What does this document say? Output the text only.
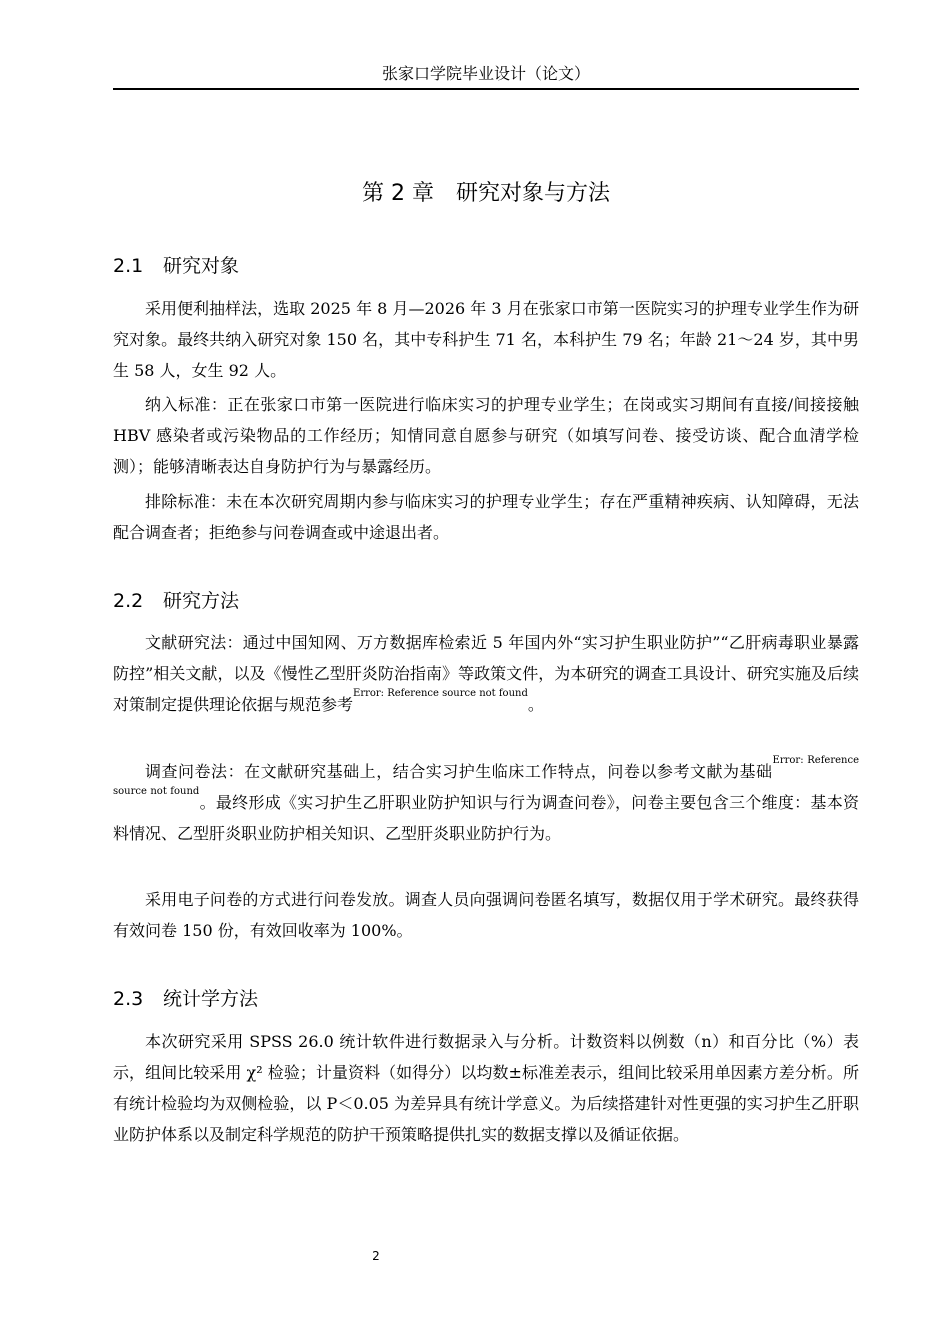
张家口学院毕业设计（论文）
第 2 章　研究对象与方法
2.1 研究对象
采用便利抽样法，选取 2025 年 8 月—2026 年 3 月在张家口市第一医院实习的护理专业学生作为研究对象。最终共纳入研究对象 150 名，其中专科护生 71 名，本科护生 79 名；年龄 21～24 岁，其中男生 58 人，女生 92 人。
纳入标准：正在张家口市第一医院进行临床实习的护理专业学生；在岗或实习期间有直接/间接接触 HBV 感染者或污染物品的工作经历；知情同意自愿参与研究（如填写问卷、接受访谈、配合血清学检测）；能够清晰表达自身防护行为与暴露经历。
排除标准：未在本次研究周期内参与临床实习的护理专业学生；存在严重精神疾病、认知障碍，无法配合调查者；拒绝参与问卷调查或中途退出者。
2.2 研究方法
文献研究法：通过中国知网、万方数据库检索近 5 年国内外“实习护生职业防护”“乙肝病毒职业暴露防控”相关文献，以及《慢性乙型肝炎防治指南》等政策文件，为本研究的调查工具设计、研究实施及后续对策制定提供理论依据与规范参考$^{Error: Reference source not found}$。
调查问卷法：在文献研究基础上，结合实习护生临床工作特点，问卷以参考文献为基础$^{Error: Reference source not found}$。最终形成《实习护生乙肝职业防护知识与行为调查问卷》，问卷主要包含三个维度：基本资料情况、乙型肝炎职业防护相关知识、乙型肝炎职业防护行为。
采用电子问卷的方式进行问卷发放。调查人员向强调问卷匿名填写，数据仅用于学术研究。最终获得有效问卷 150 份，有效回收率为 100%。
2.3 统计学方法
本次研究采用 SPSS 26.0 统计软件进行数据录入与分析。计数资料以例数（n）和百分比（%）表示，组间比较采用 χ² 检验；计量资料（如得分）以均数±标准差表示，组间比较采用单因素方差分析。所有统计检验均为双侧检验，以 P＜0.05 为差异具有统计学意义。为后续搭建针对性更强的实习护生乙肝职业防护体系以及制定科学规范的防护干预策略提供扎实的数据支撑以及循证依据。
2
